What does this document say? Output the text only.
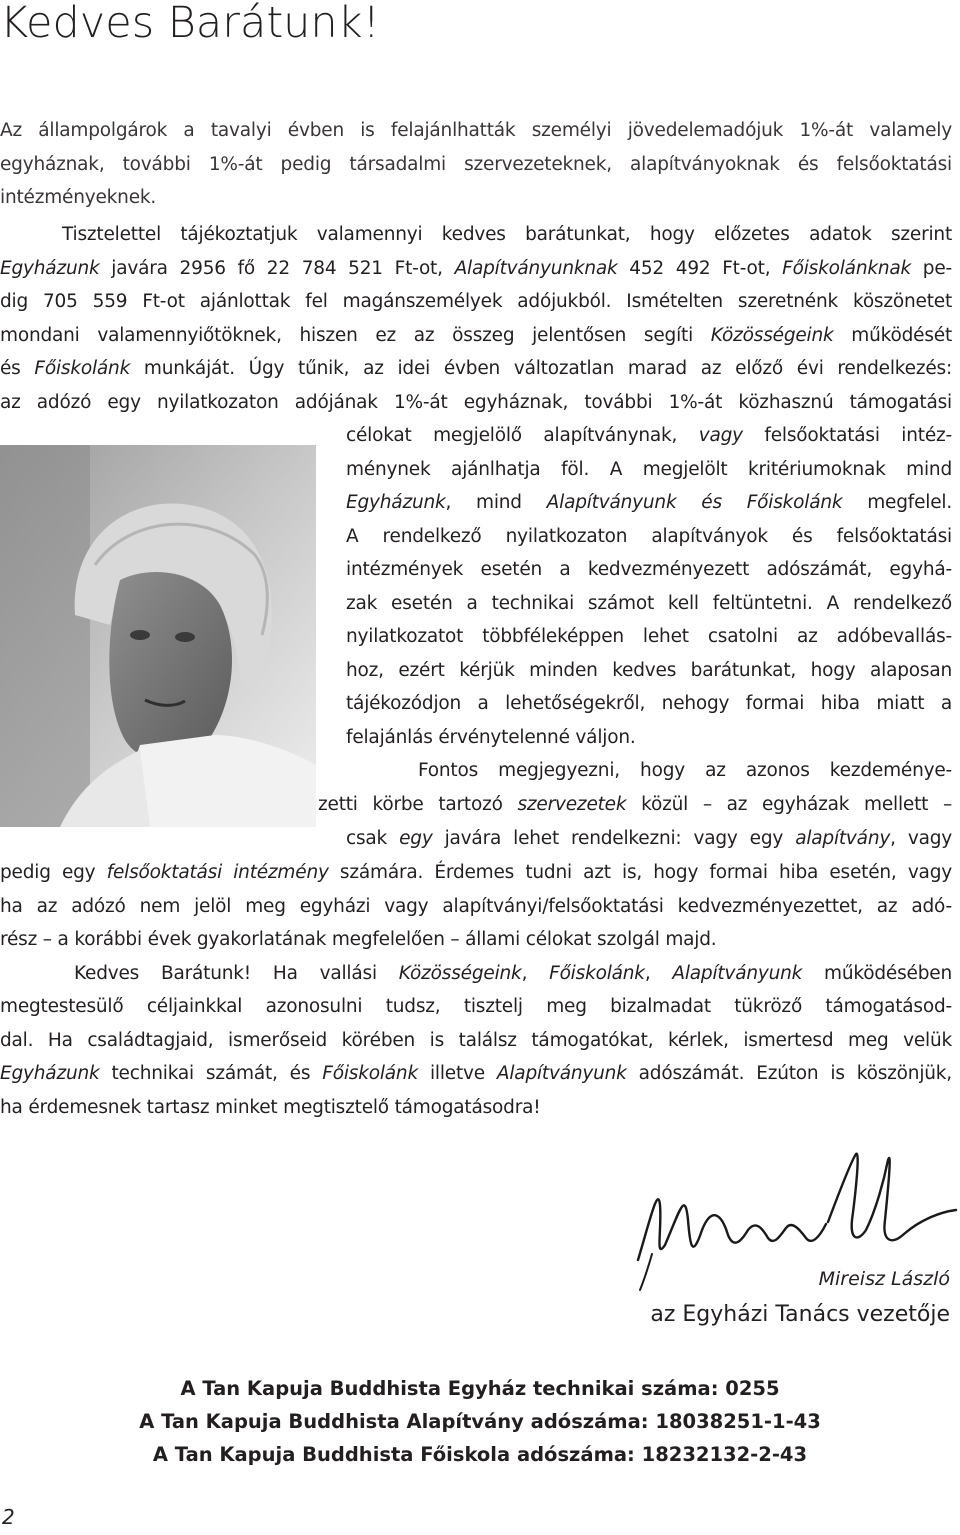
Kedves Barátunk!
Az állampolgárok a tavalyi évben is felajánlhatták személyi jövedelemadójuk 1%-át valamely
egyháznak, további 1%-át pedig társadalmi szervezeteknek, alapítványoknak és felsőoktatási
intézményeknek.
Tisztelettel tájékoztatjuk valamennyi kedves barátunkat, hogy előzetes adatok szerint
Egyházunk javára 2956 fő 22 784 521 Ft-ot, Alapítványunknak 452 492 Ft-ot, Főiskolánknak pe-
dig 705 559 Ft-ot ajánlottak fel magánszemélyek adójukból. Ismételten szeretnénk köszönetet
mondani valamennyiőtöknek, hiszen ez az összeg jelentősen segíti Közösségeink működését
és Főiskolánk munkáját. Úgy tűnik, az idei évben változatlan marad az előző évi rendelkezés:
az adózó egy nyilatkozaton adójának 1%-át egyháznak, további 1%-át közhasznú támogatási
célokat megjelölő alapítványnak, vagy felsőoktatási intéz-
ménynek ajánlhatja föl. A megjelölt kritériumoknak mind
Egyházunk, mind Alapítványunk és Főiskolánk megfelel.
A rendelkező nyilatkozaton alapítványok és felsőoktatási
intézmények esetén a kedvezményezett adószámát, egyhá-
zak esetén a technikai számot kell feltüntetni. A rendelkező
nyilatkozatot többféleképpen lehet csatolni az adóbevallás-
hoz, ezért kérjük minden kedves barátunkat, hogy alaposan
tájékozódjon a lehetőségekről, nehogy formai hiba miatt a
felajánlás érvénytelenné váljon.
Fontos megjegyezni, hogy az azonos kezdeménye-
zetti körbe tartozó szervezetek közül – az egyházak mellett –
csak egy javára lehet rendelkezni: vagy egy alapítvány, vagy
pedig egy felsőoktatási intézmény számára. Érdemes tudni azt is, hogy formai hiba esetén, vagy
ha az adózó nem jelöl meg egyházi vagy alapítványi/felsőoktatási kedvezményezettet, az adó-
rész – a korábbi évek gyakorlatának megfelelően – állami célokat szolgál majd.
Kedves Barátunk! Ha vallási Közösségeink, Főiskolánk, Alapítványunk működésében
megtestesülő céljainkkal azonosulni tudsz, tisztelj meg bizalmadat tükröző támogatásod-
dal. Ha családtagjaid, ismerőseid körében is találsz támogatókat, kérlek, ismertesd meg velük
Egyházunk technikai számát, és Főiskolánk illetve Alapítványunk adószámát. Ezúton is köszönjük,
ha érdemesnek tartasz minket megtisztelő támogatásodra!
Mireisz László
az Egyházi Tanács vezetője
A Tan Kapuja Buddhista Egyház technikai száma: 0255
A Tan Kapuja Buddhista Alapítvány adószáma: 18038251-1-43
A Tan Kapuja Buddhista Főiskola adószáma: 18232132-2-43
2
